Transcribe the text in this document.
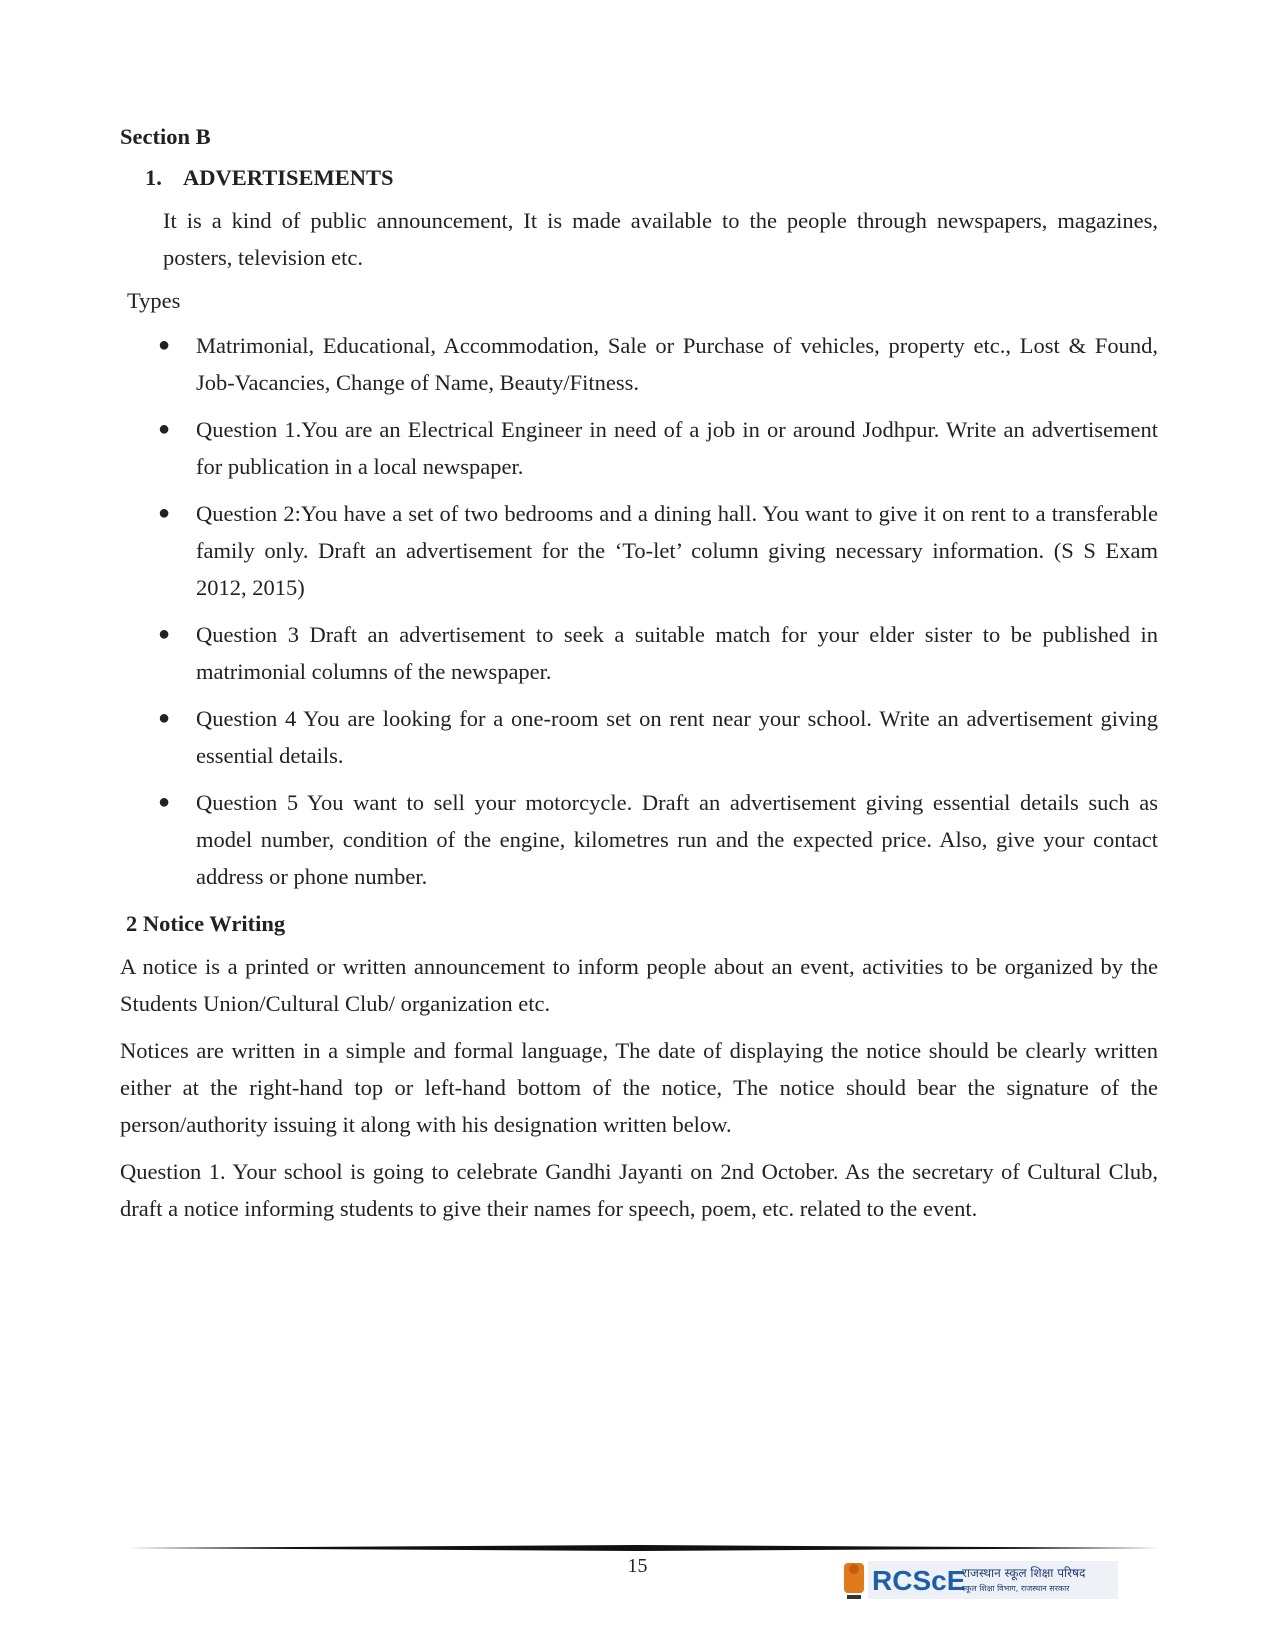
Section B

1. ADVERTISEMENTS

It is a kind of public announcement, It is made available to the people through newspapers, magazines, posters, television etc.

Types

● Matrimonial, Educational, Accommodation, Sale or Purchase of vehicles, property etc., Lost & Found, Job-Vacancies, Change of Name, Beauty/Fitness.
● Question 1.You are an Electrical Engineer in need of a job in or around Jodhpur. Write an advertisement for publication in a local newspaper.
● Question 2:You have a set of two bedrooms and a dining hall. You want to give it on rent to a transferable family only. Draft an advertisement for the ‘To-let’ column giving necessary information. (S S Exam 2012, 2015)
● Question 3 Draft an advertisement to seek a suitable match for your elder sister to be published in matrimonial columns of the newspaper.
● Question 4 You are looking for a one-room set on rent near your school. Write an advertisement giving essential details.
● Question 5 You want to sell your motorcycle. Draft an advertisement giving essential details such as model number, condition of the engine, kilometres run and the expected price. Also, give your contact address or phone number.

2 Notice Writing

A notice is a printed or written announcement to inform people about an event, activities to be organized by the Students Union/Cultural Club/ organization etc.

Notices are written in a simple and formal language, The date of displaying the notice should be clearly written either at the right-hand top or left-hand bottom of the notice, The notice should bear the signature of the person/authority issuing it along with his designation written below.

Question 1. Your school is going to celebrate Gandhi Jayanti on 2nd October. As the secretary of Cultural Club, draft a notice informing students to give their names for speech, poem, etc. related to the event.

15	RCScE
राजस्थान स्कूल शिक्षा परिषद
स्कूल शिक्षा विभाग, राजस्थान सरकार
